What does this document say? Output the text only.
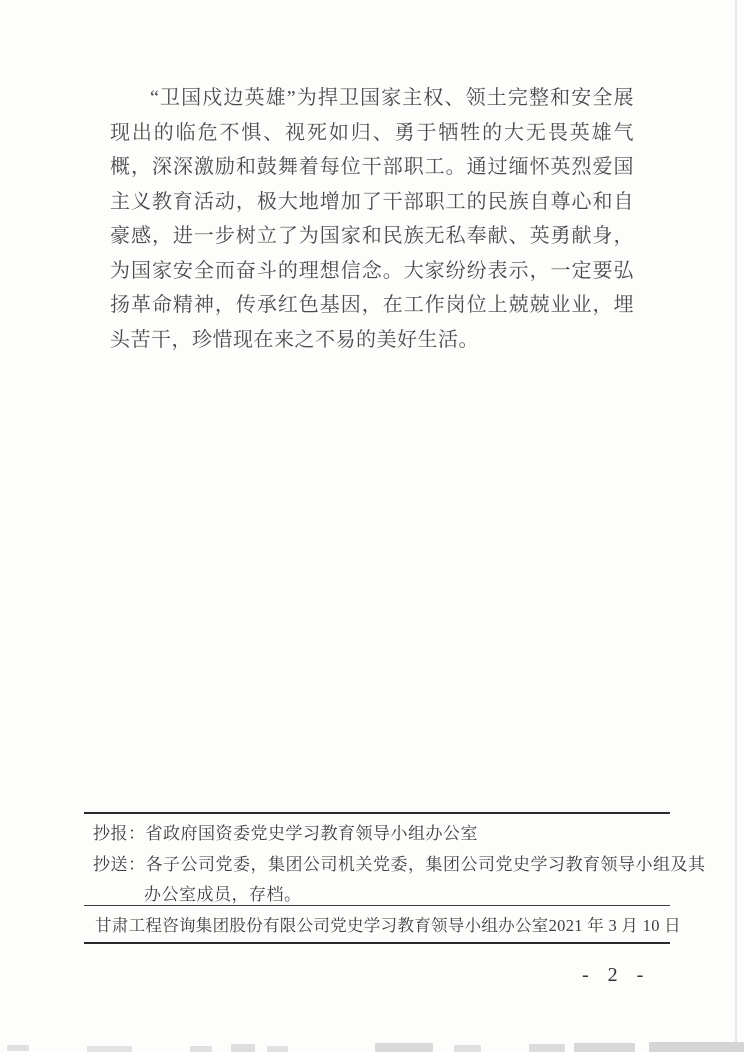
“卫国戍边英雄”为捍卫国家主权、领土完整和安全展现出的临危不惧、视死如归、勇于牺牲的大无畏英雄气概，深深激励和鼓舞着每位干部职工。通过缅怀英烈爱国主义教育活动，极大地增加了干部职工的民族自尊心和自豪感，进一步树立了为国家和民族无私奉献、英勇献身，为国家安全而奋斗的理想信念。大家纷纷表示，一定要弘扬革命精神，传承红色基因，在工作岗位上兢兢业业，埋头苦干，珍惜现在来之不易的美好生活。
抄报：省政府国资委党史学习教育领导小组办公室
抄送：各子公司党委，集团公司机关党委，集团公司党史学习教育领导小组及其
办公室成员，存档。
甘肃工程咨询集团股份有限公司党史学习教育领导小组办公室 2021 年 3 月 10 日
- 2 -
